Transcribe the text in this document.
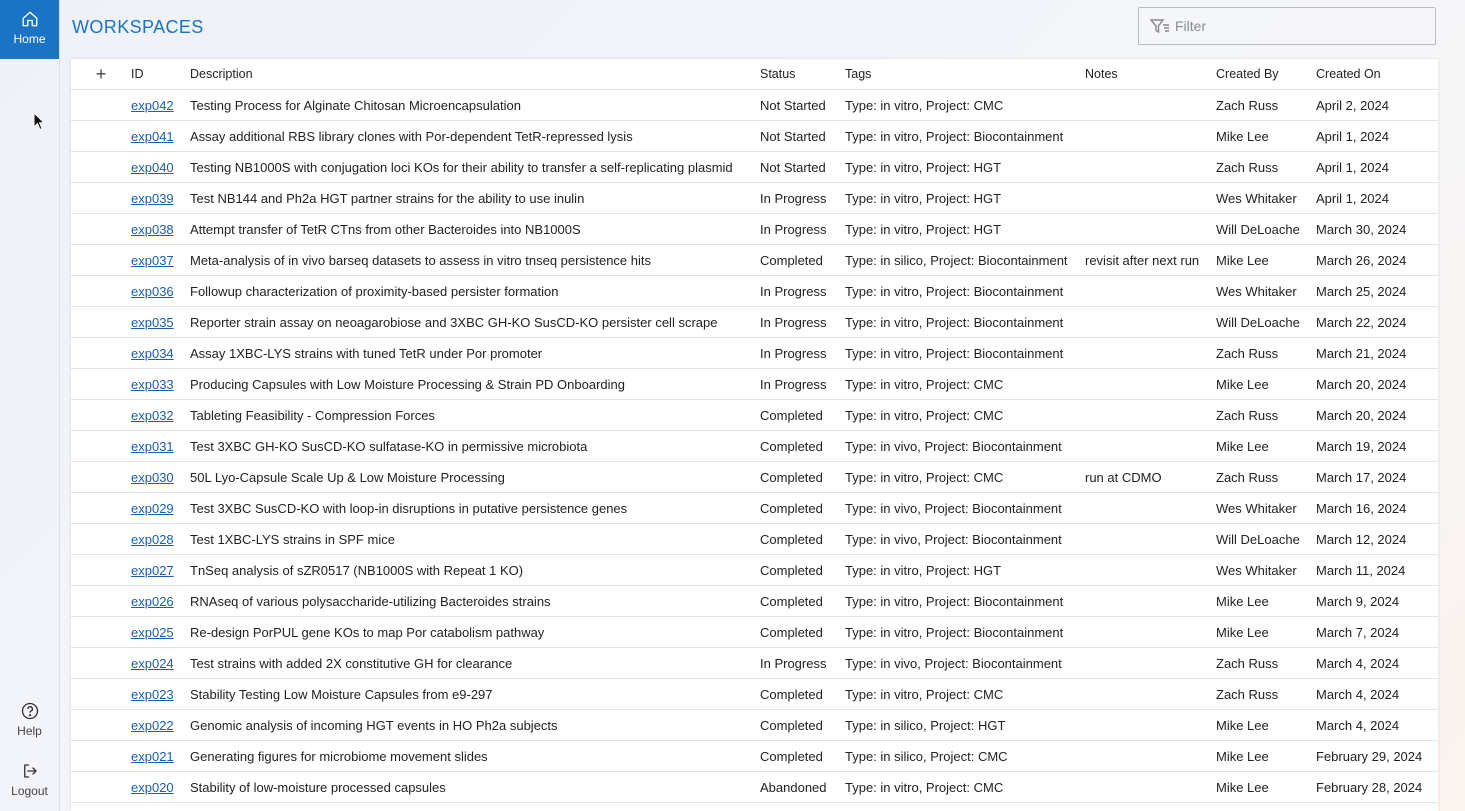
Home
Help
Logout
WORKSPACES
Filter
+	ID	Description	Status	Tags	Notes	Created By	Created On
	exp042	Testing Process for Alginate Chitosan Microencapsulation	Not Started	Type: in vitro, Project: CMC		Zach Russ	April 2, 2024
	exp041	Assay additional RBS library clones with Por-dependent TetR-repressed lysis	Not Started	Type: in vitro, Project: Biocontainment		Mike Lee	April 1, 2024
	exp040	Testing NB1000S with conjugation loci KOs for their ability to transfer a self-replicating plasmid	Not Started	Type: in vitro, Project: HGT		Zach Russ	April 1, 2024
	exp039	Test NB144 and Ph2a HGT partner strains for the ability to use inulin	In Progress	Type: in vitro, Project: HGT		Wes Whitaker	April 1, 2024
	exp038	Attempt transfer of TetR CTns from other Bacteroides into NB1000S	In Progress	Type: in vitro, Project: HGT		Will DeLoache	March 30, 2024
	exp037	Meta-analysis of in vivo barseq datasets to assess in vitro tnseq persistence hits	Completed	Type: in silico, Project: Biocontainment	revisit after next run	Mike Lee	March 26, 2024
	exp036	Followup characterization of proximity-based persister formation	In Progress	Type: in vitro, Project: Biocontainment		Wes Whitaker	March 25, 2024
	exp035	Reporter strain assay on neoagarobiose and 3XBC GH-KO SusCD-KO persister cell scrape	In Progress	Type: in vitro, Project: Biocontainment		Will DeLoache	March 22, 2024
	exp034	Assay 1XBC-LYS strains with tuned TetR under Por promoter	In Progress	Type: in vitro, Project: Biocontainment		Zach Russ	March 21, 2024
	exp033	Producing Capsules with Low Moisture Processing & Strain PD Onboarding	In Progress	Type: in vitro, Project: CMC		Mike Lee	March 20, 2024
	exp032	Tableting Feasibility - Compression Forces	Completed	Type: in vitro, Project: CMC		Zach Russ	March 20, 2024
	exp031	Test 3XBC GH-KO SusCD-KO sulfatase-KO in permissive microbiota	Completed	Type: in vivo, Project: Biocontainment		Mike Lee	March 19, 2024
	exp030	50L Lyo-Capsule Scale Up & Low Moisture Processing	Completed	Type: in vitro, Project: CMC	run at CDMO	Zach Russ	March 17, 2024
	exp029	Test 3XBC SusCD-KO with loop-in disruptions in putative persistence genes	Completed	Type: in vivo, Project: Biocontainment		Wes Whitaker	March 16, 2024
	exp028	Test 1XBC-LYS strains in SPF mice	Completed	Type: in vivo, Project: Biocontainment		Will DeLoache	March 12, 2024
	exp027	TnSeq analysis of sZR0517 (NB1000S with Repeat 1 KO)	Completed	Type: in vitro, Project: HGT		Wes Whitaker	March 11, 2024
	exp026	RNAseq of various polysaccharide-utilizing Bacteroides strains	Completed	Type: in vitro, Project: Biocontainment		Mike Lee	March 9, 2024
	exp025	Re-design PorPUL gene KOs to map Por catabolism pathway	Completed	Type: in vitro, Project: Biocontainment		Mike Lee	March 7, 2024
	exp024	Test strains with added 2X constitutive GH for clearance	In Progress	Type: in vivo, Project: Biocontainment		Zach Russ	March 4, 2024
	exp023	Stability Testing Low Moisture Capsules from e9-297	Completed	Type: in vitro, Project: CMC		Zach Russ	March 4, 2024
	exp022	Genomic analysis of incoming HGT events in HO Ph2a subjects	Completed	Type: in silico, Project: HGT		Mike Lee	March 4, 2024
	exp021	Generating figures for microbiome movement slides	Completed	Type: in silico, Project: CMC		Mike Lee	February 29, 2024
	exp020	Stability of low-moisture processed capsules	Abandoned	Type: in vitro, Project: CMC		Mike Lee	February 28, 2024
